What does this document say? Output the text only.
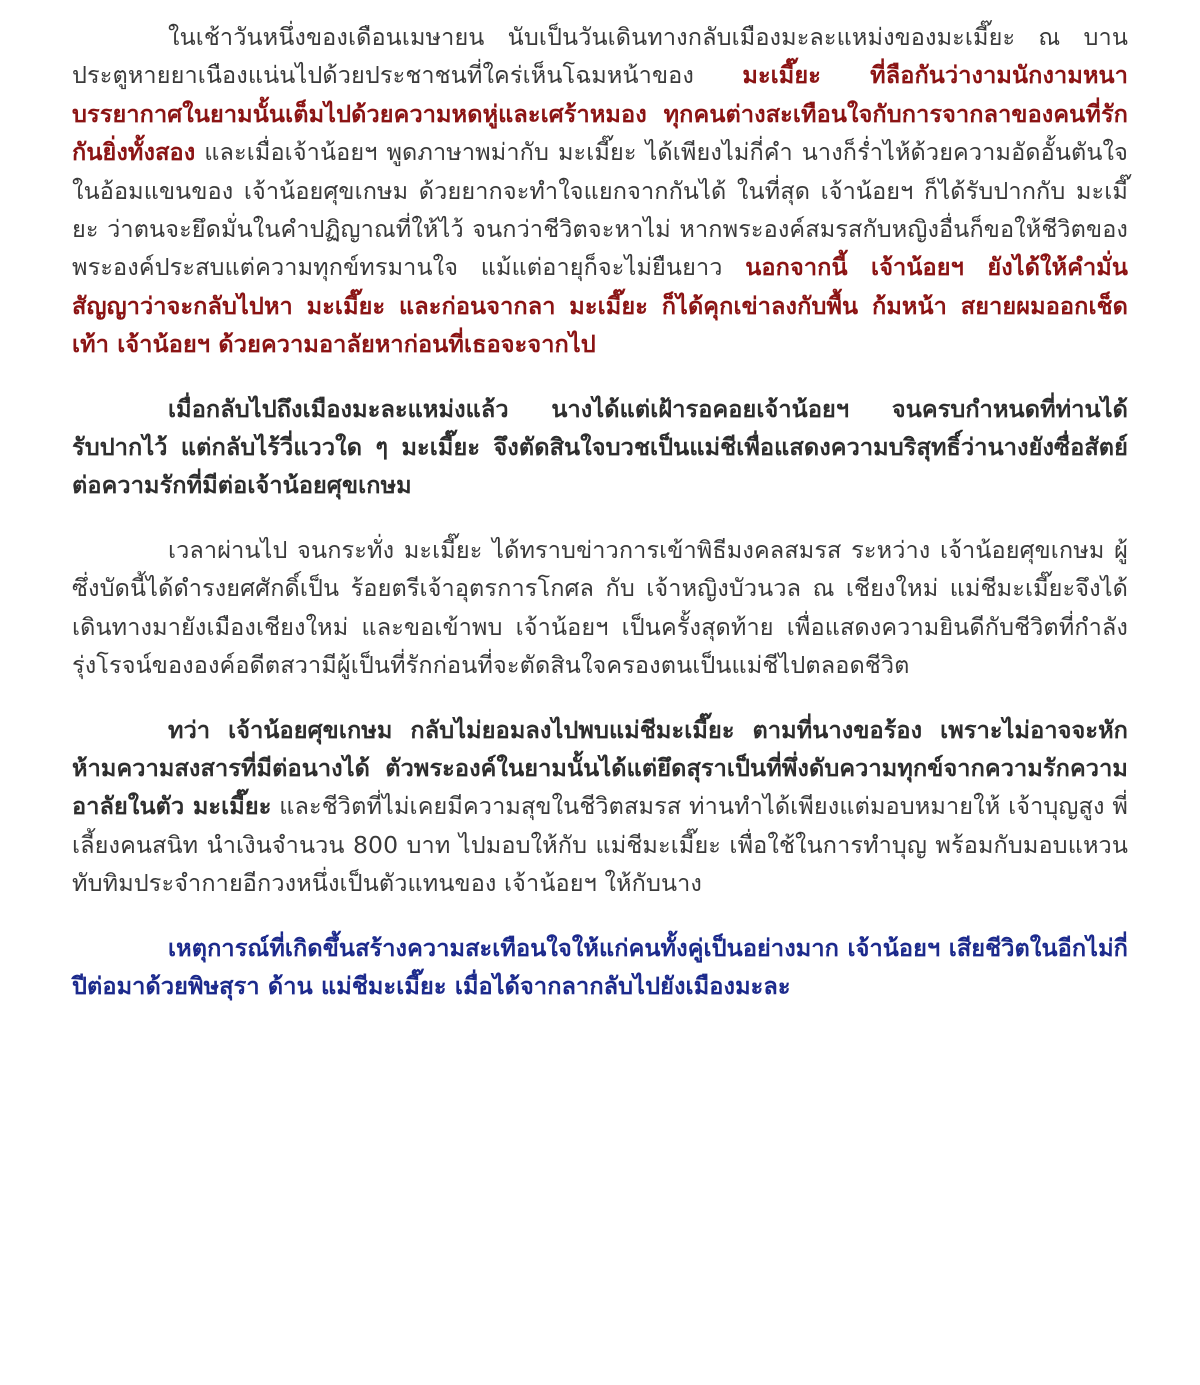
ในเช้าวันหนึ่งของเดือนเมษายน นับเป็นวันเดินทางกลับเมืองมะละแหม่งของมะเมี๊ยะ ณ บานประตูหายยาเนืองแน่นไปด้วยประชาชนที่ใคร่เห็นโฉมหน้าของ มะเมี๊ยะ ที่ลือกันว่างามนักงามหนา บรรยากาศในยามนั้นเต็มไปด้วยความหดหู่และเศร้าหมอง ทุกคนต่างสะเทือนใจกับการจากลาของคนที่รักกันยิ่งทั้งสอง และเมื่อเจ้าน้อยฯ พูดภาษาพม่ากับ มะเมี๊ยะ ได้เพียงไม่กี่คำ นางก็ร่ำไห้ด้วยความอัดอั้นตันใจในอ้อมแขนของ เจ้าน้อยศุขเกษม ด้วยยากจะทำใจแยกจากกันได้ ในที่สุด เจ้าน้อยฯ ก็ได้รับปากกับ มะเมี๊ยะ ว่าตนจะยึดมั่นในคำปฏิญาณที่ให้ไว้ จนกว่าชีวิตจะหาไม่ หากพระองค์สมรสกับหญิงอื่นก็ขอให้ชีวิตของพระองค์ประสบแต่ความทุกข์ทรมานใจ แม้แต่อายุก็จะไม่ยืนยาว นอกจากนี้ เจ้าน้อยฯ ยังได้ให้คำมั่นสัญญาว่าจะกลับไปหา มะเมี๊ยะ และก่อนจากลา มะเมี๊ยะ ก็ได้คุกเข่าลงกับพื้น ก้มหน้า สยายผมออกเช็ดเท้า เจ้าน้อยฯ ด้วยความอาลัยหาก่อนที่เธอจะจากไป

เมื่อกลับไปถึงเมืองมะละแหม่งแล้ว นางได้แต่เฝ้ารอคอยเจ้าน้อยฯ จนครบกำหนดที่ท่านได้รับปากไว้ แต่กลับไร้วี่แววใด ๆ มะเมี๊ยะ จึงตัดสินใจบวชเป็นแม่ชีเพื่อแสดงความบริสุทธิ์ว่านางยังซื่อสัตย์ต่อความรักที่มีต่อเจ้าน้อยศุขเกษม

เวลาผ่านไป จนกระทั่ง มะเมี๊ยะ ได้ทราบข่าวการเข้าพิธีมงคลสมรส ระหว่าง เจ้าน้อยศุขเกษม ผู้ซึ่งบัดนี้ได้ดำรงยศศักดิ์เป็น ร้อยตรีเจ้าอุตรการโกศล กับ เจ้าหญิงบัวนวล ณ เชียงใหม่ แม่ชีมะเมี๊ยะจึงได้เดินทางมายังเมืองเชียงใหม่ และขอเข้าพบ เจ้าน้อยฯ เป็นครั้งสุดท้าย เพื่อแสดงความยินดีกับชีวิตที่กำลังรุ่งโรจน์ขององค์อดีตสวามีผู้เป็นที่รักก่อนที่จะตัดสินใจครองตนเป็นแม่ชีไปตลอดชีวิต

ทว่า เจ้าน้อยศุขเกษม กลับไม่ยอมลงไปพบแม่ชีมะเมี๊ยะ ตามที่นางขอร้อง เพราะไม่อาจจะหักห้ามความสงสารที่มีต่อนางได้ ตัวพระองค์ในยามนั้นได้แต่ยึดสุราเป็นที่พึ่งดับความทุกข์จากความรักความอาลัยในตัว มะเมี๊ยะ และชีวิตที่ไม่เคยมีความสุขในชีวิตสมรส ท่านทำได้เพียงแต่มอบหมายให้ เจ้าบุญสูง พี่เลี้ยงคนสนิท นำเงินจำนวน 800 บาท ไปมอบให้กับ แม่ชีมะเมี๊ยะ เพื่อใช้ในการทำบุญ พร้อมกับมอบแหวนทับทิมประจำกายอีกวงหนึ่งเป็นตัวแทนของ เจ้าน้อยฯ ให้กับนาง

เหตุการณ์ที่เกิดขึ้นสร้างความสะเทือนใจให้แก่คนทั้งคู่เป็นอย่างมาก เจ้าน้อยฯ เสียชีวิตในอีกไม่กี่ปีต่อมาด้วยพิษสุรา ด้าน แม่ชีมะเมี๊ยะ เมื่อได้จากลากลับไปยังเมืองมะละ
